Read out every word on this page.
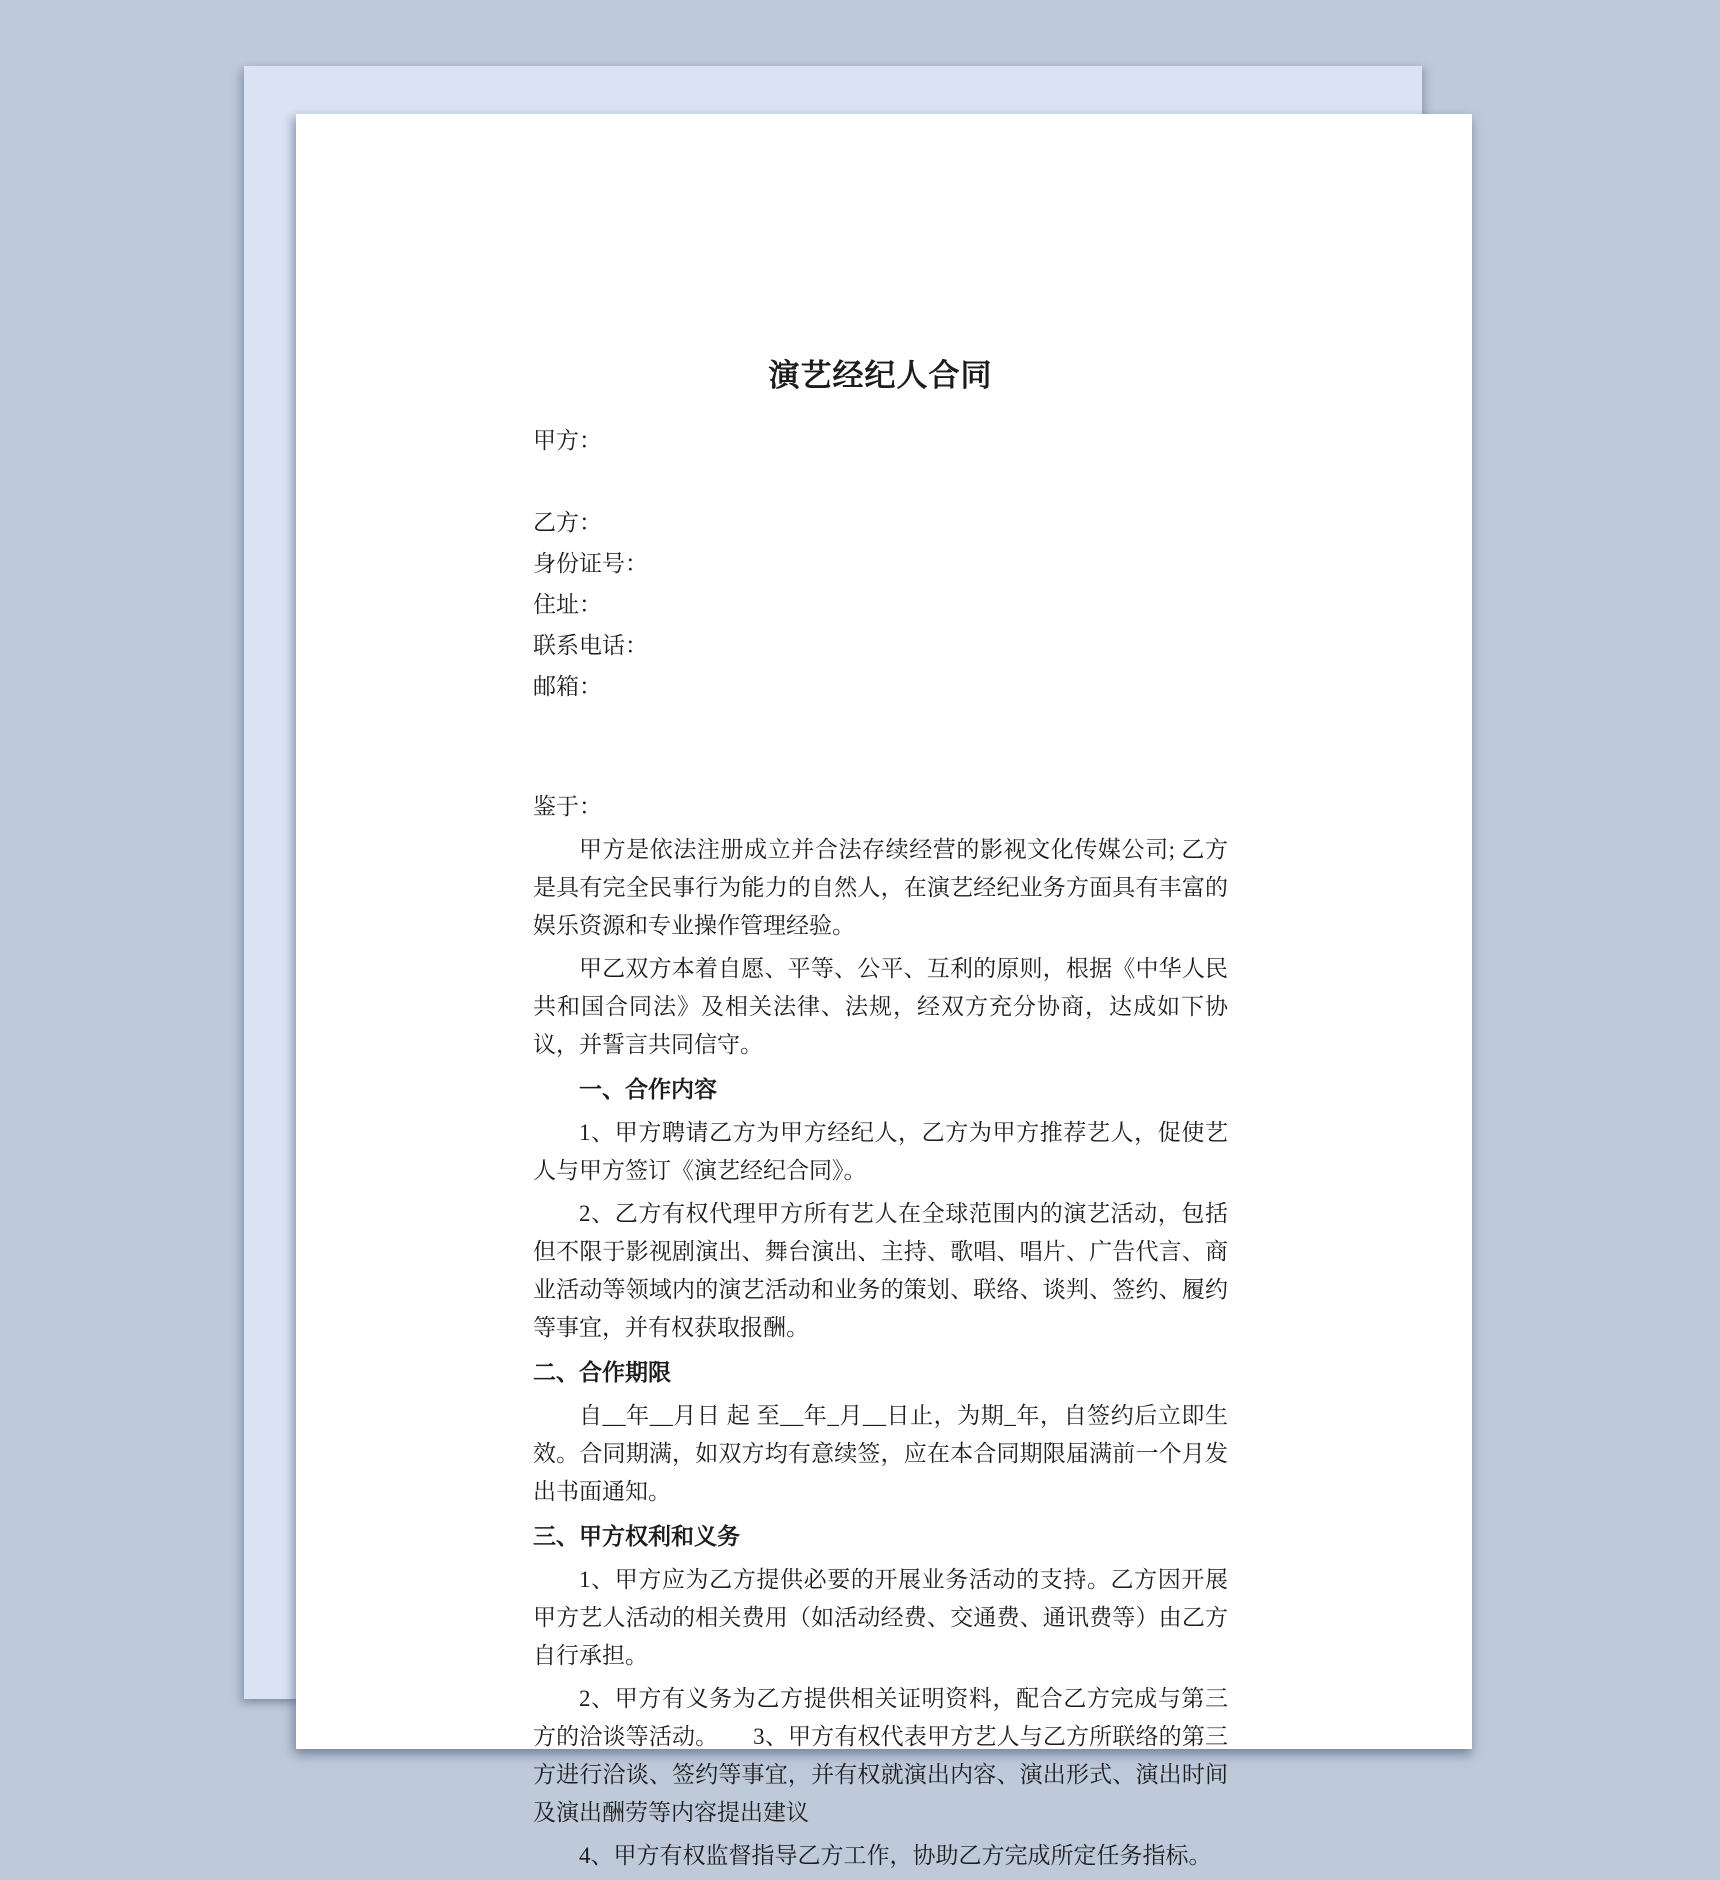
演艺经纪人合同
甲方：
乙方：
身份证号：
住址：
联系电话：
邮箱：
鉴于：
甲方是依法注册成立并合法存续经营的影视文化传媒公司; 乙方是具有完全民事行为能力的自然人，在演艺经纪业务方面具有丰富的娱乐资源和专业操作管理经验。
甲乙双方本着自愿、平等、公平、互利的原则，根据《中华人民共和国合同法》及相关法律、法规，经双方充分协商，达成如下协议，并誓言共同信守。
一、合作内容
1、甲方聘请乙方为甲方经纪人，乙方为甲方推荐艺人，促使艺人与甲方签订《演艺经纪合同》。
2、乙方有权代理甲方所有艺人在全球范围内的演艺活动，包括但不限于影视剧演出、舞台演出、主持、歌唱、唱片、广告代言、商业活动等领域内的演艺活动和业务的策划、联络、谈判、签约、履约等事宜，并有权获取报酬。
二、合作期限
自__年__月日 起 至__年_月__日止，为期_年，自签约后立即生效。合同期满，如双方均有意续签，应在本合同期限届满前一个月发出书面通知。
三、甲方权利和义务
1、甲方应为乙方提供必要的开展业务活动的支持。乙方因开展甲方艺人活动的相关费用（如活动经费、交通费、通讯费等）由乙方自行承担。
2、甲方有义务为乙方提供相关证明资料，配合乙方完成与第三方的洽谈等活动。　　3、甲方有权代表甲方艺人与乙方所联络的第三方进行洽谈、签约等事宜，并有权就演出内容、演出形式、演出时间及演出酬劳等内容提出建议
4、甲方有权监督指导乙方工作，协助乙方完成所定任务指标。
